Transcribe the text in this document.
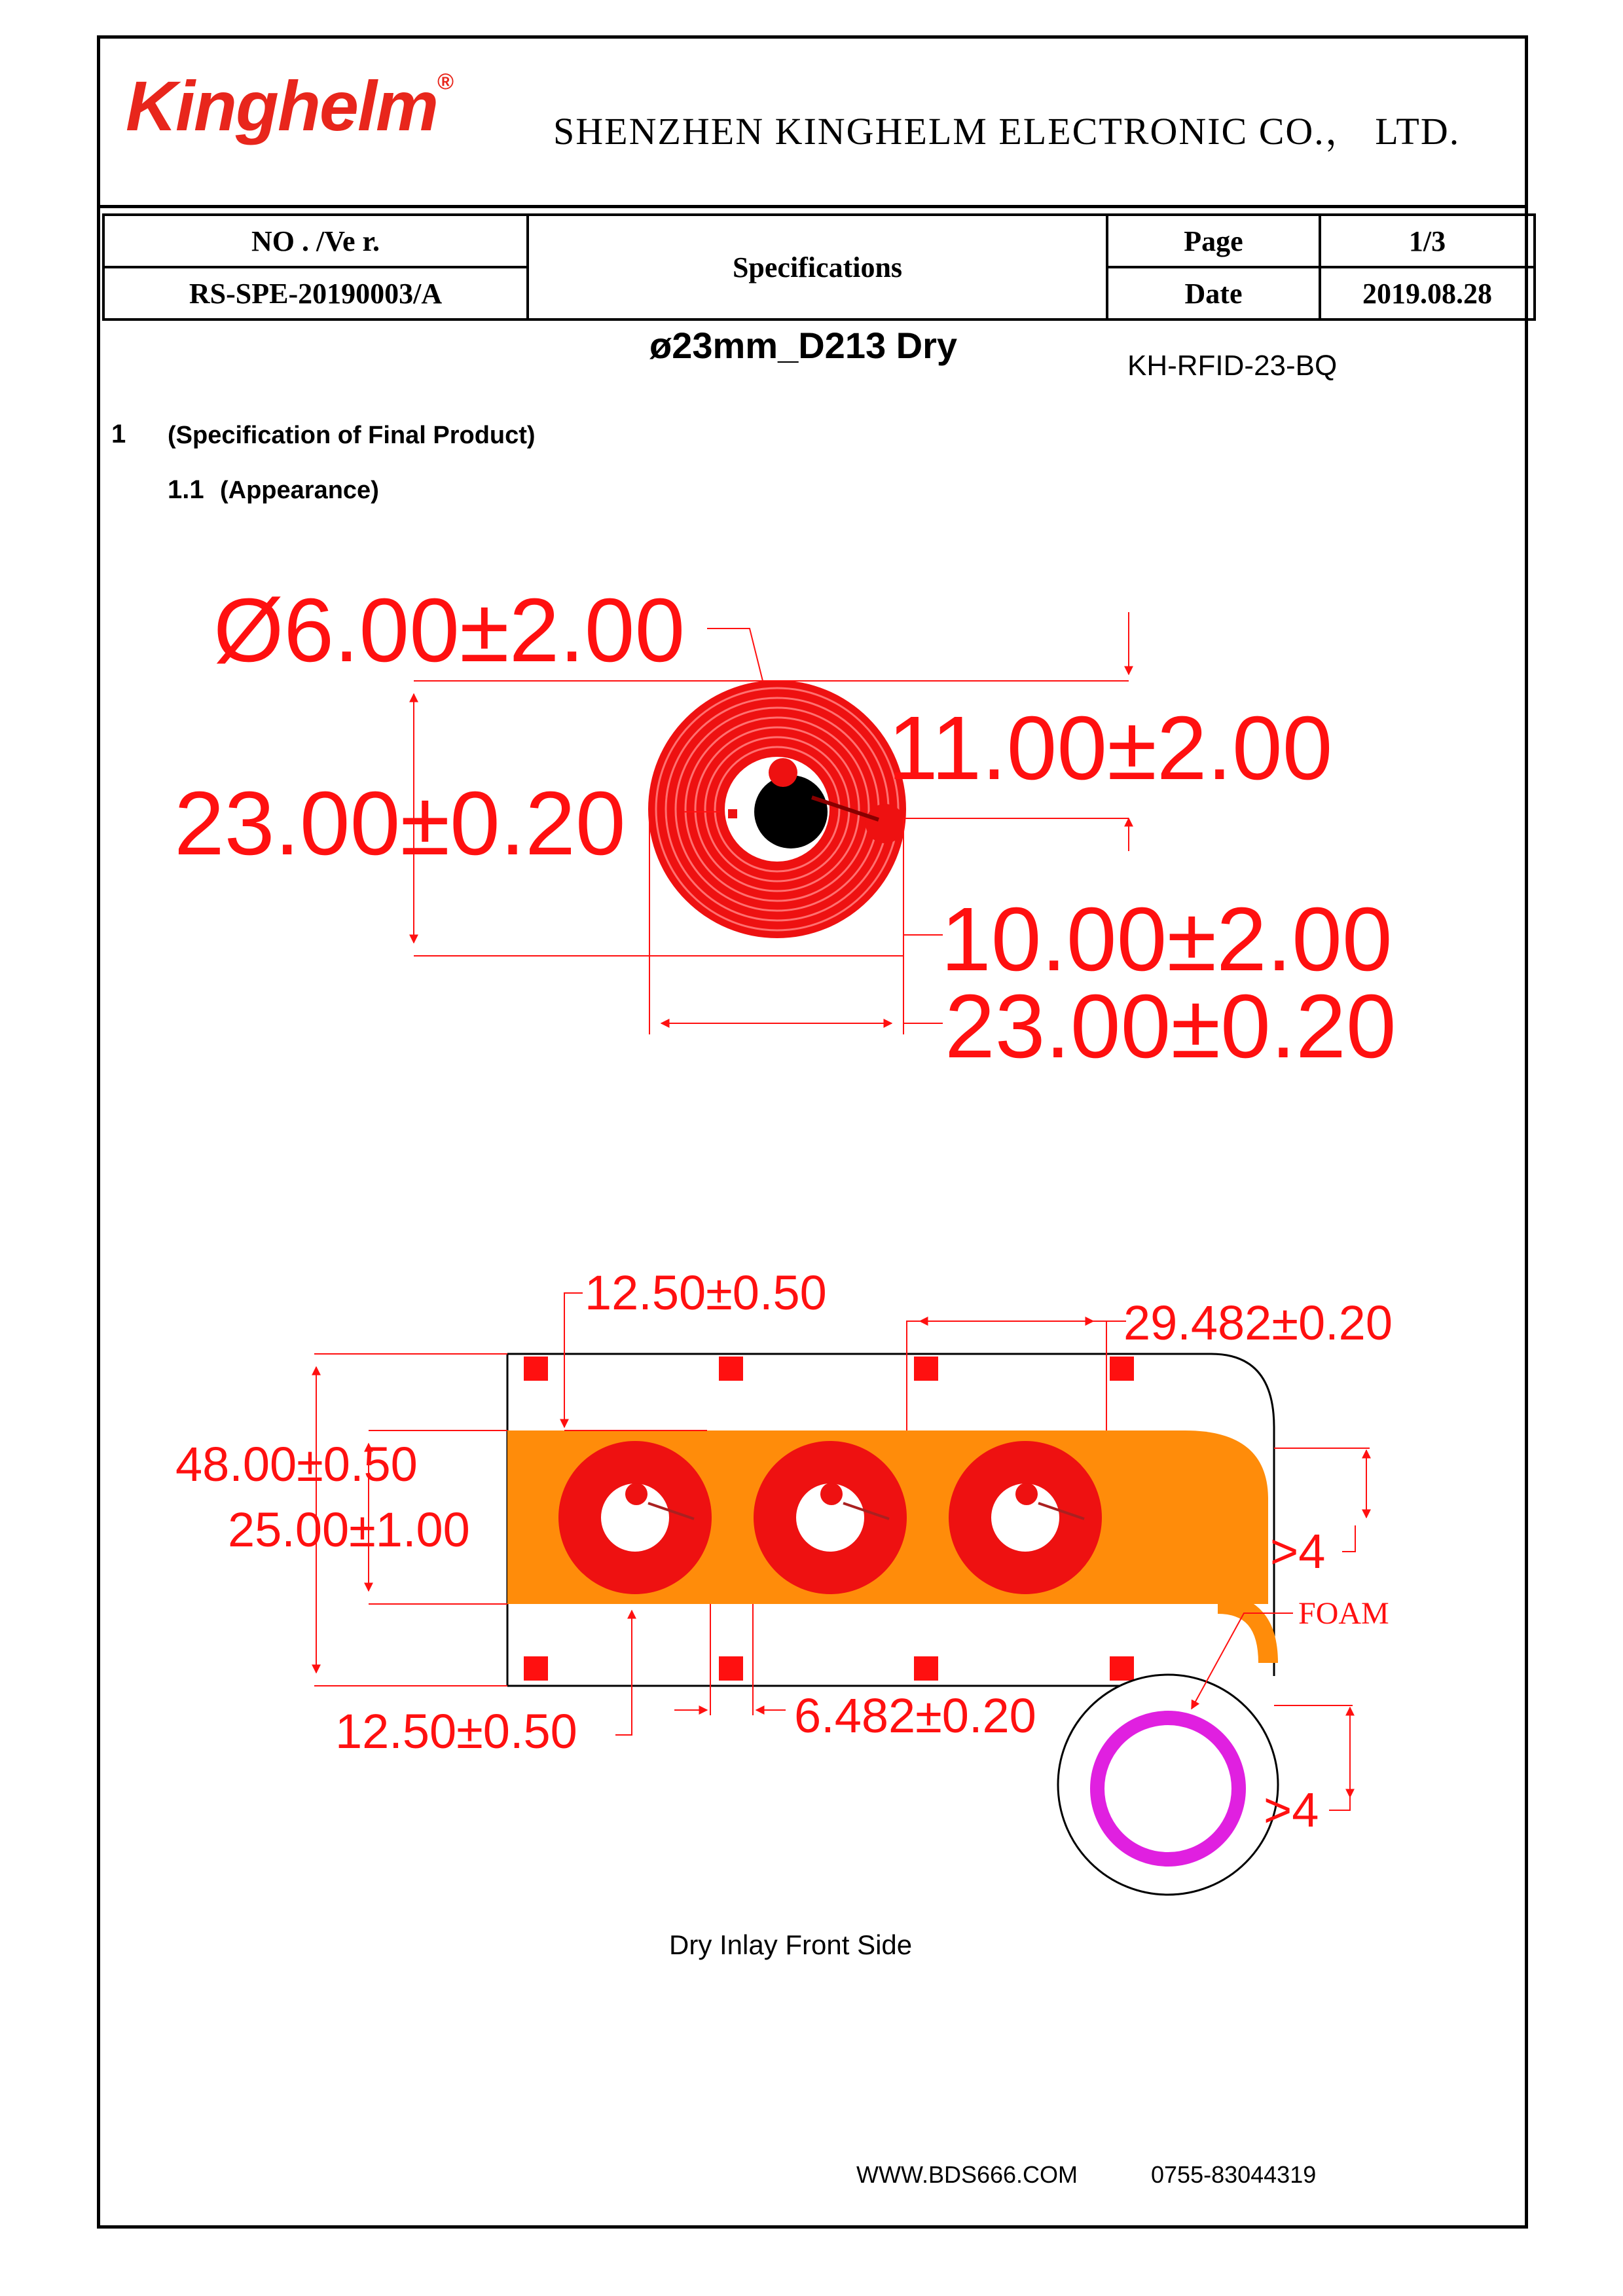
Kinghelm®
SHENZHEN KINGHELM ELECTRONIC CO.， LTD.
NO . /Ve r.	Specifications	Page	1/3
RS-SPE-20190003/A		Date	2019.08.28
ø23mm_D213 Dry	KH-RFID-23-BQ
1 (Specification of Final Product)
1.1 (Appearance)
Ø6.00±2.00
23.00±0.20
11.00±2.00
10.00±2.00
23.00±0.20
12.50±0.50
29.482±0.20
48.00±0.50
25.00±1.00
12.50±0.50	6.482±0.20
>4
>4
FOAM
Dry Inlay Front Side
WWW.BDS666.COM	0755-83044319
